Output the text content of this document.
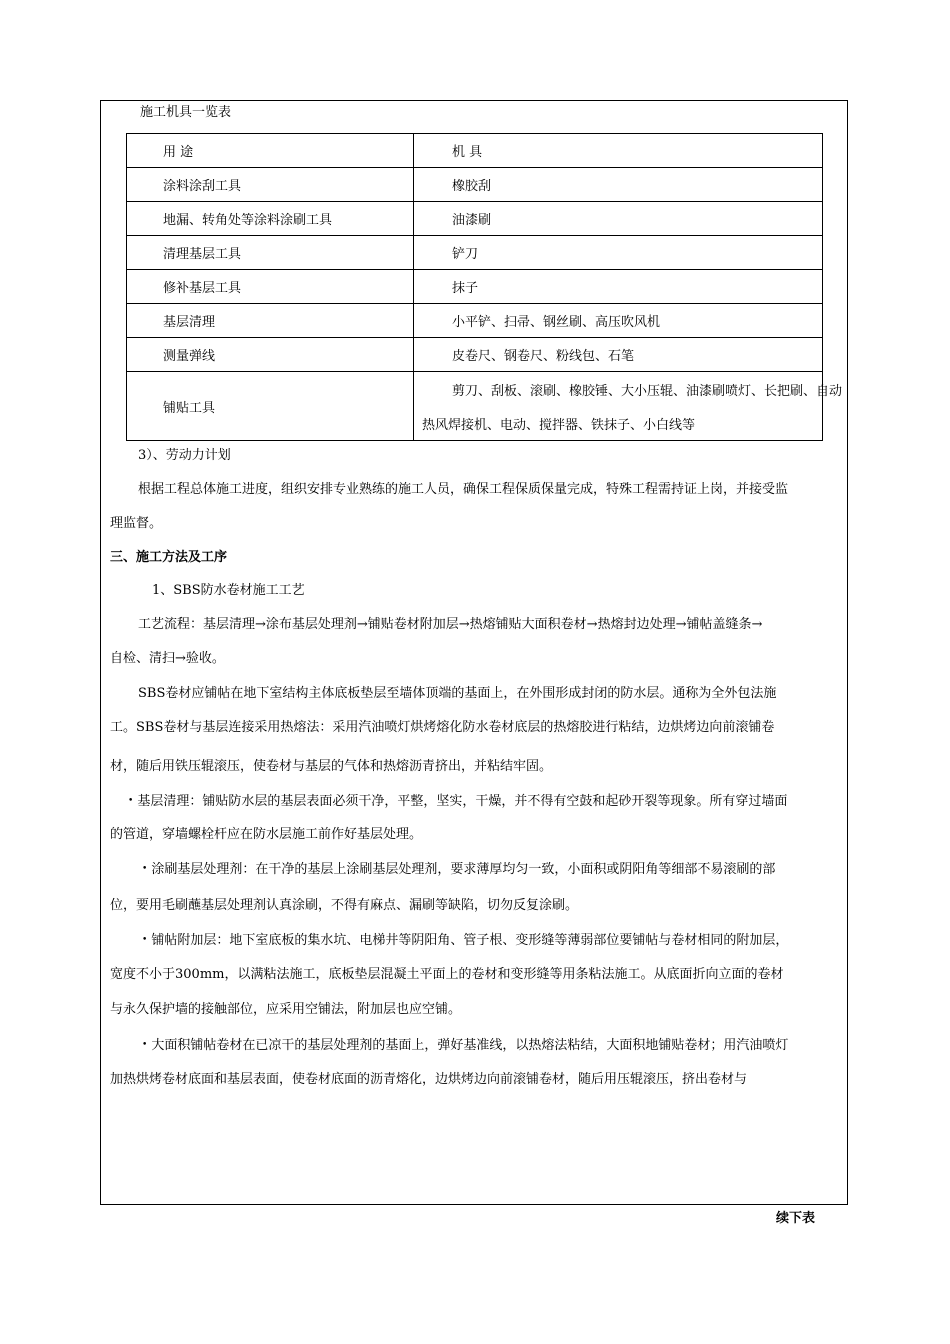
施工机具一览表
用 途	机 具
涂料涂刮工具	橡胶刮
地漏、转角处等涂料涂刷工具	油漆刷
清理基层工具	铲刀
修补基层工具	抹子
基层清理	小平铲、扫帚、钢丝刷、高压吹风机
测量弹线	皮卷尺、钢卷尺、粉线包、石笔
铺贴工具	剪刀、刮板、滚刷、橡胶锤、大小压辊、油漆刷喷灯、长把刷、自动
热风焊接机、电动、搅拌器、铁抹子、小白线等
3）、劳动力计划
根据工程总体施工进度，组织安排专业熟练的施工人员，确保工程保质保量完成，特殊工程需持证上岗，并接受监
理监督。
三、施工方法及工序
1、SBS防水卷材施工工艺
工艺流程：基层清理→涂布基层处理剂→铺贴卷材附加层→热熔铺贴大面积卷材→热熔封边处理→铺帖盖缝条→
自检、清扫→验收。
SBS卷材应铺帖在地下室结构主体底板垫层至墙体顶端的基面上，在外围形成封闭的防水层。通称为全外包法施
工。SBS卷材与基层连接采用热熔法：采用汽油喷灯烘烤熔化防水卷材底层的热熔胶进行粘结，边烘烤边向前滚铺卷
材，随后用铁压辊滚压，使卷材与基层的气体和热熔沥青挤出，并粘结牢固。
• 基层清理：铺贴防水层的基层表面必须干净，平整，坚实，干燥，并不得有空鼓和起砂开裂等现象。所有穿过墙面
的管道，穿墙螺栓杆应在防水层施工前作好基层处理。
• 涂刷基层处理剂：在干净的基层上涂刷基层处理剂，要求薄厚均匀一致，小面积或阴阳角等细部不易滚刷的部
位，要用毛刷蘸基层处理剂认真涂刷，不得有麻点、漏刷等缺陷，切勿反复涂刷。
• 铺帖附加层：地下室底板的集水坑、电梯井等阴阳角、管子根、变形缝等薄弱部位要铺帖与卷材相同的附加层，
宽度不小于300mm，以满粘法施工，底板垫层混凝土平面上的卷材和变形缝等用条粘法施工。从底面折向立面的卷材
与永久保护墙的接触部位，应采用空铺法，附加层也应空铺。
• 大面积铺帖卷材在已凉干的基层处理剂的基面上，弹好基准线，以热熔法粘结，大面积地铺贴卷材；用汽油喷灯
加热烘烤卷材底面和基层表面，使卷材底面的沥青熔化，边烘烤边向前滚铺卷材，随后用压辊滚压，挤出卷材与
续下表
